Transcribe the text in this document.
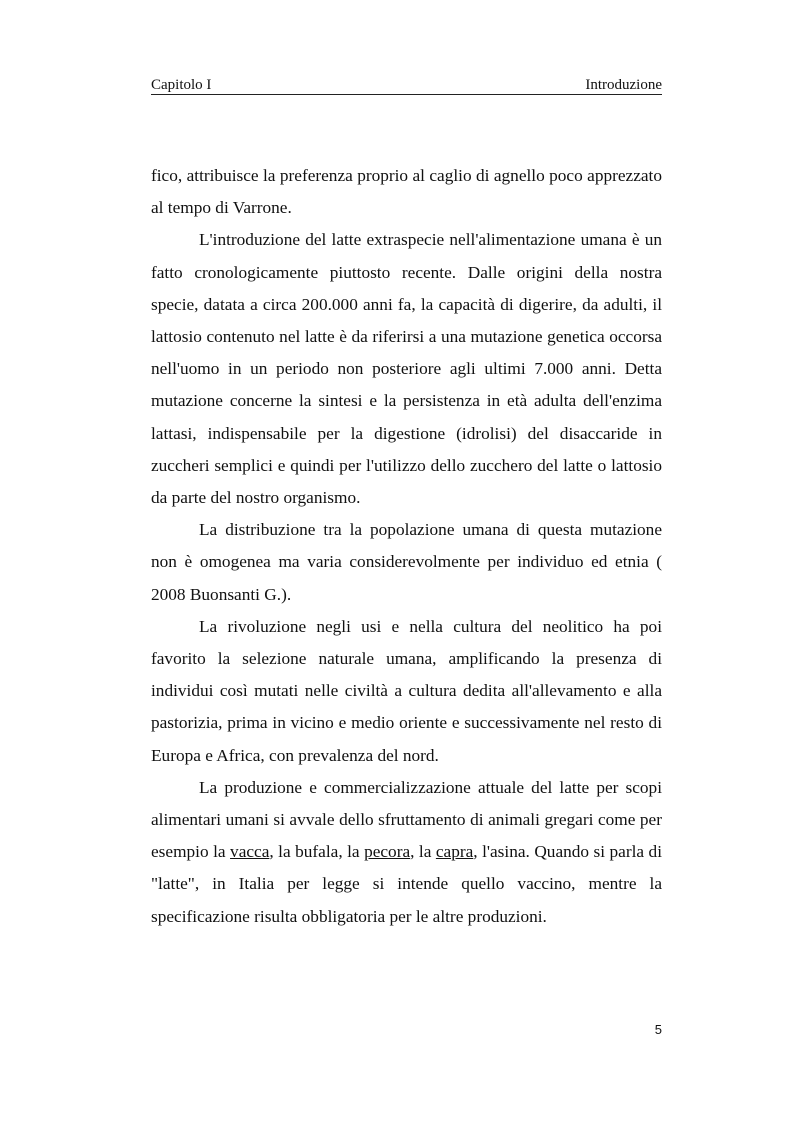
Capitolo I	Introduzione

fico, attribuisce la preferenza proprio al caglio di agnello poco apprezzato al tempo di Varrone.

L'introduzione del latte extraspecie nell'alimentazione umana è un fatto cronologicamente piuttosto recente. Dalle origini della nostra specie, datata a circa 200.000 anni fa, la capacità di digerire, da adulti, il lattosio contenuto nel latte è da riferirsi a una mutazione genetica occorsa nell'uomo in un periodo non posteriore agli ultimi 7.000 anni. Detta mutazione concerne la sintesi e la persistenza in età adulta dell'enzima lattasi, indispensabile per la digestione (idrolisi) del disaccaride in zuccheri semplici e quindi per l'utilizzo dello zucchero del latte o lattosio da parte del nostro organismo.

La distribuzione tra la popolazione umana di questa mutazione non è omogenea ma varia considerevolmente per individuo ed etnia ( 2008 Buonsanti G.).

La rivoluzione negli usi e nella cultura del neolitico ha poi favorito la selezione naturale umana, amplificando la presenza di individui così mutati nelle civiltà a cultura dedita all'allevamento e alla pastorizia, prima in vicino e medio oriente e successivamente nel resto di Europa e Africa, con prevalenza del nord.

La produzione e commercializzazione attuale del latte per scopi alimentari umani si avvale dello sfruttamento di animali gregari come per esempio la vacca, la bufala, la pecora, la capra, l'asina. Quando si parla di "latte", in Italia per legge si intende quello vaccino, mentre la specificazione risulta obbligatoria per le altre produzioni.

5
